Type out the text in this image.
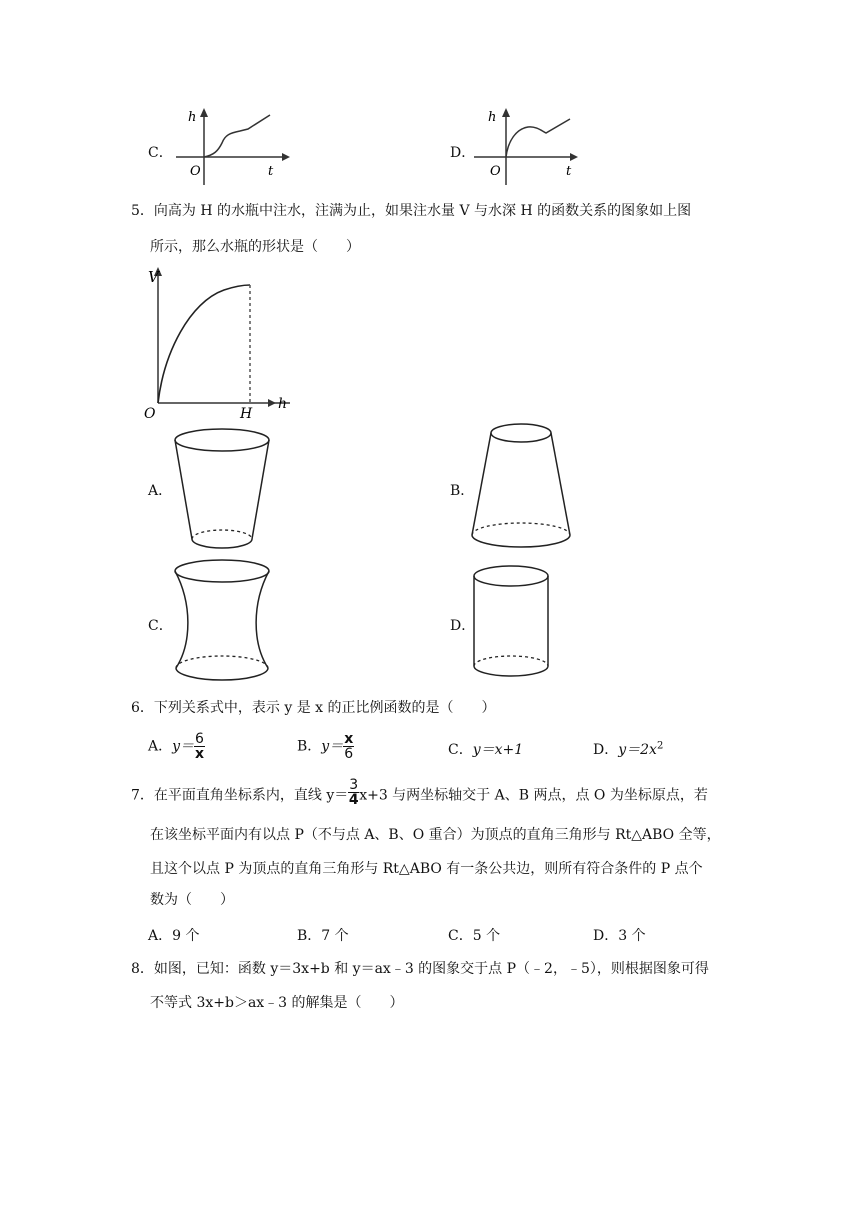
C．
h
t
O
D．
h
t
O
5．向高为 H 的水瓶中注水，注满为止，如果注水量 V 与水深 H 的函数关系的图象如上图
所示，那么水瓶的形状是（　　）
V
h
O	H
A．	B．
C．	D．
6．下列关系式中，表示 y 是 x 的正比例函数的是（　　）
A．$y= \frac{6}{x}$	B．$y= \frac{x}{6}$	C．y＝x+1	D．$y=2x^2$
7．在平面直角坐标系内，直线 $y= \frac{3}{4} x+3$ 与两坐标轴交于 A、B 两点，点 O 为坐标原点，若
在该坐标平面内有以点 P（不与点 A、B、O 重合）为顶点的直角三角形与 Rt△ABO 全等，
且这个以点 P 为顶点的直角三角形与 Rt△ABO 有一条公共边，则所有符合条件的 P 点个
数为（　　）
A．9 个	B．7 个	C．5 个	D．3 个
8．如图，已知：函数 y＝3x+b 和 y＝ax﹣3 的图象交于点 P（﹣2，﹣5），则根据图象可得
不等式 3x+b＞ax﹣3 的解集是（　　）
